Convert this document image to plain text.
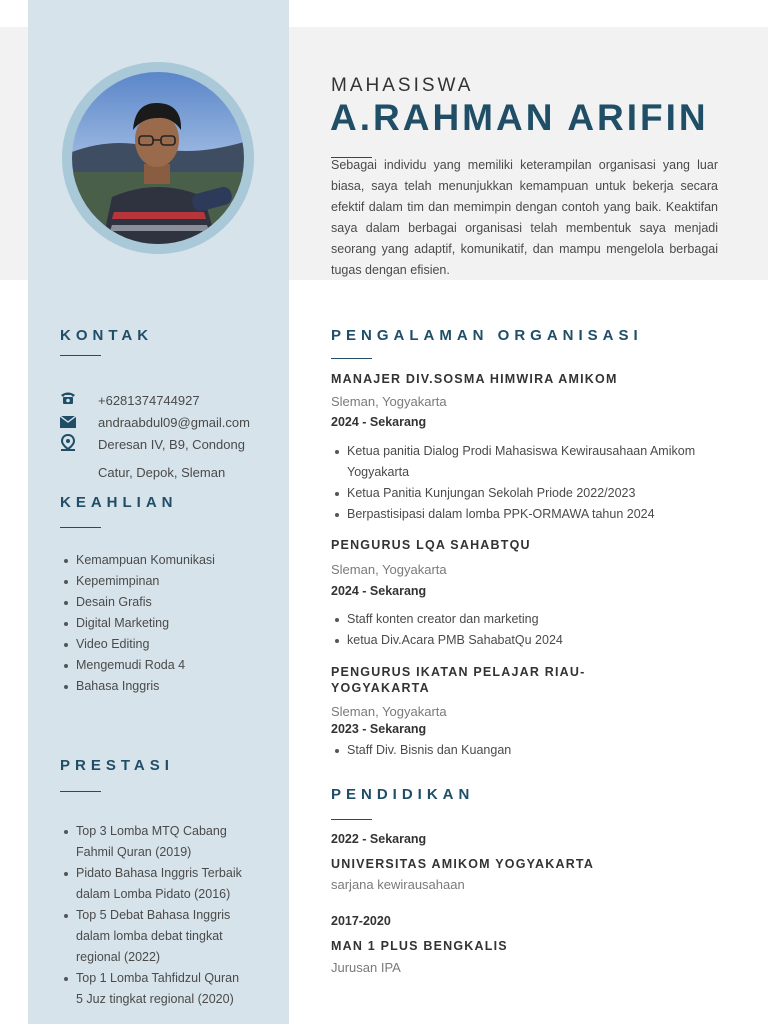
MAHASISWA

A.RAHMAN ARIFIN

Sebagai individu yang memiliki keterampilan organisasi yang luar biasa, saya telah menunjukkan kemampuan untuk bekerja secara efektif dalam tim dan memimpin dengan contoh yang baik. Keaktifan saya dalam berbagai organisasi telah membentuk saya menjadi seorang yang adaptif, komunikatif, dan mampu mengelola berbagai tugas dengan efisien.

KONTAK
+6281374744927
andraabdul09@gmail.com
Deresan IV, B9, Condong
Catur, Depok, Sleman
KEAHLIAN
Kemampuan Komunikasi
Kepemimpinan
Desain Grafis
Digital Marketing
Video Editing
Mengemudi Roda 4
Bahasa Inggris
PRESTASI
Top 3 Lomba MTQ Cabang
Fahmil Quran (2019)
Pidato Bahasa Inggris Terbaik
dalam Lomba Pidato (2016)
Top 5 Debat Bahasa Inggris
dalam lomba debat tingkat
regional (2022)
Top 1 Lomba Tahfidzul Quran
5 Juz tingkat regional (2020)
PENGALAMAN ORGANISASI

MANAJER DIV.SOSMA HIMWIRA AMIKOM

Sleman, Yogyakarta
2024 - Sekarang
Ketua panitia Dialog Prodi Mahasiswa Kewirausahaan Amikom Yogyakarta
Ketua Panitia Kunjungan Sekolah Priode 2022/2023
Berpastisipasi dalam lomba PPK-ORMAWA tahun 2024

PENGURUS LQA SAHABTQU

Sleman, Yogyakarta
2024 - Sekarang
Staff konten creator dan marketing
ketua Div.Acara PMB SahabatQu 2024

PENGURUS IKATAN PELAJAR RIAU-
YOGYAKARTA

Sleman, Yogyakarta
2023 - Sekarang
Staff Div. Bisnis dan Kuangan
PENDIDIKAN
2022 - Sekarang
UNIVERSITAS AMIKOM YOGYAKARTA
sarjana kewirausahaan
2017-2020
MAN 1 PLUS BENGKALIS
Jurusan IPA
